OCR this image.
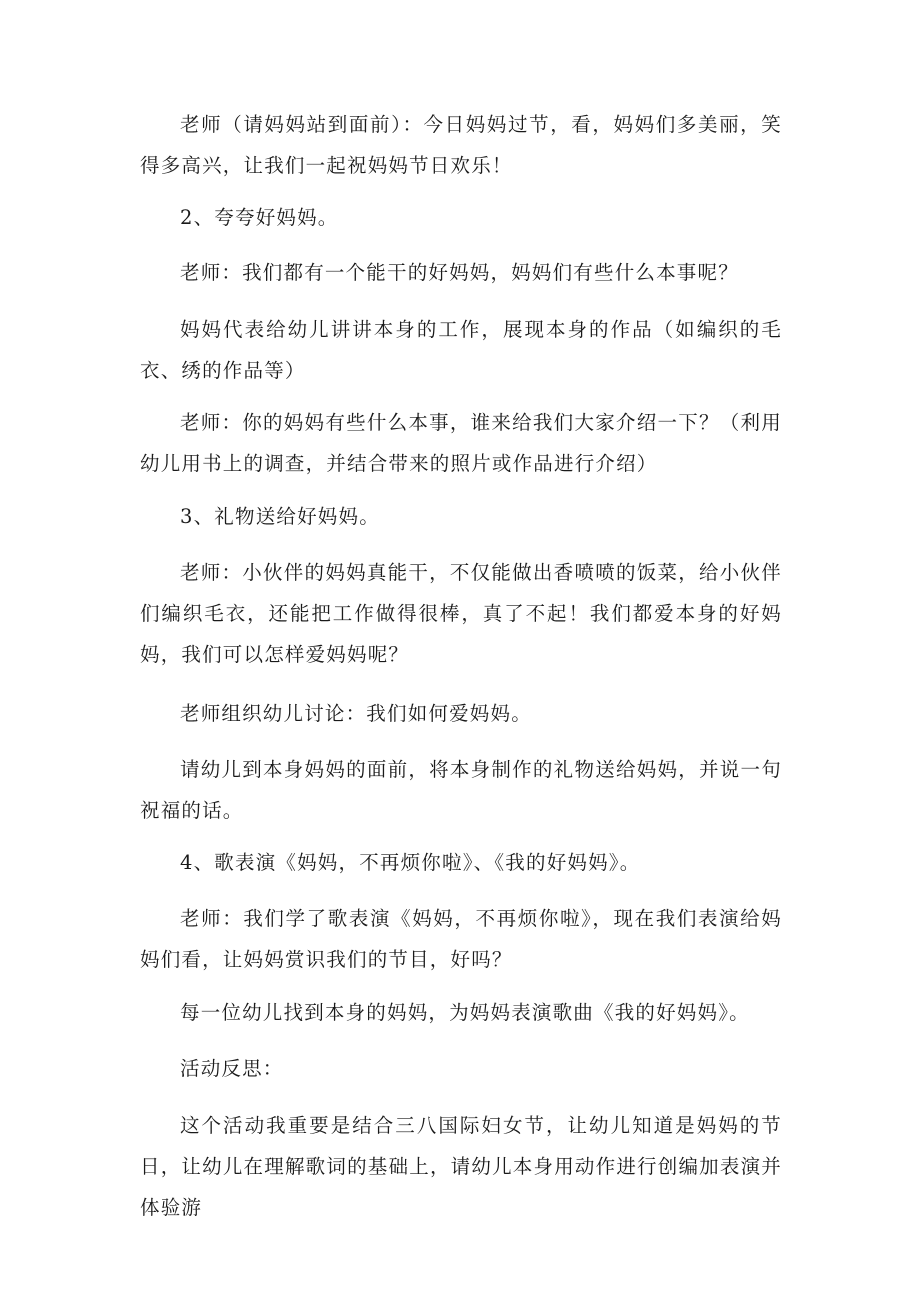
老师（请妈妈站到面前）：今日妈妈过节，看，妈妈们多美丽，笑得多高兴，让我们一起祝妈妈节日欢乐！

2、夸夸好妈妈。

老师：我们都有一个能干的好妈妈，妈妈们有些什么本事呢？

妈妈代表给幼儿讲讲本身的工作，展现本身的作品（如编织的毛衣、绣的作品等）

老师：你的妈妈有些什么本事，谁来给我们大家介绍一下？（利用幼儿用书上的调查，并结合带来的照片或作品进行介绍）

3、礼物送给好妈妈。

老师：小伙伴的妈妈真能干，不仅能做出香喷喷的饭菜，给小伙伴们编织毛衣，还能把工作做得很棒，真了不起！我们都爱本身的好妈妈，我们可以怎样爱妈妈呢？

老师组织幼儿讨论：我们如何爱妈妈。

请幼儿到本身妈妈的面前，将本身制作的礼物送给妈妈，并说一句祝福的话。

4、歌表演《妈妈，不再烦你啦》、《我的好妈妈》。

老师：我们学了歌表演《妈妈，不再烦你啦》，现在我们表演给妈妈们看，让妈妈赏识我们的节目，好吗？

每一位幼儿找到本身的妈妈，为妈妈表演歌曲《我的好妈妈》。

活动反思：

这个活动我重要是结合三八国际妇女节，让幼儿知道是妈妈的节日，让幼儿在理解歌词的基础上，请幼儿本身用动作进行创编加表演并体验游
